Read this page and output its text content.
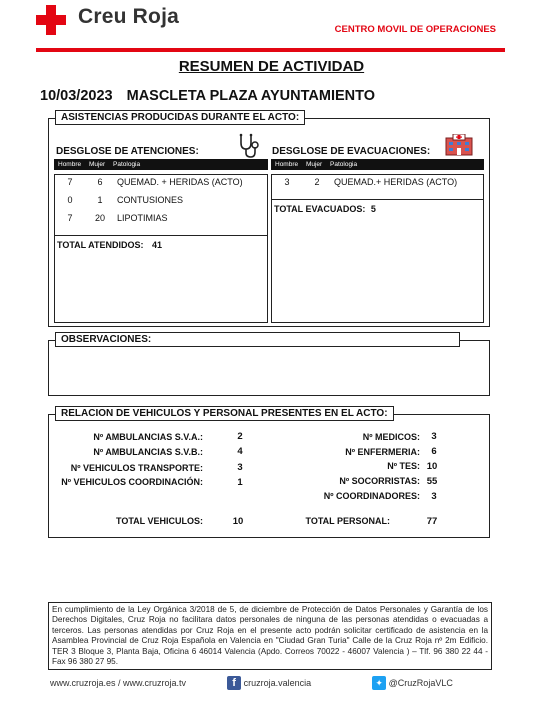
Creu Roja
CENTRO MOVIL DE OPERACIONES
RESUMEN DE ACTIVIDAD
10/03/2023 MASCLETA PLAZA AYUNTAMIENTO
ASISTENCIAS PRODUCIDAS DURANTE EL ACTO:
DESGLOSE DE ATENCIONES:
Hombre Mujer Patologia
7	6	QUEMAD. + HERIDAS (ACTO)
0	1	CONTUSIONES
7	20	LIPOTIMIAS
TOTAL ATENDIDOS: 41
DESGLOSE DE EVACUACIONES:
Hombre Mujer Patologia
3	2	QUEMAD.+ HERIDAS (ACTO)
TOTAL EVACUADOS: 5
OBSERVACIONES:
RELACION DE VEHICULOS Y PERSONAL PRESENTES EN EL ACTO:
Nº AMBULANCIAS S.V.A.:	2
Nº AMBULANCIAS S.V.B.:	4
Nº VEHICULOS TRANSPORTE:	3
Nº VEHICULOS COORDINACIÓN:	1
Nº MEDICOS:	3
Nº ENFERMERIA:	6
Nº TES: 10
Nº SOCORRISTAS: 55
Nº COORDINADORES:	3
TOTAL VEHICULOS:	10	TOTAL PERSONAL:	77
En cumplimiento de la Ley Orgánica 3/2018 de 5, de diciembre de Protección de Datos Personales y Garantía de los Derechos Digitales, Cruz Roja no facilitara datos personales de ninguna de las personas atendidas o evacuadas a terceros. Las personas atendidas por Cruz Roja en el presente acto podrán solicitar certificado de asistencia en la Asamblea Provincial de Cruz Roja Española en Valencia en "Ciudad Gran Turia" Calle de la Cruz Roja nº 2m Edificio. TER 3 Bloque 3, Planta Baja, Oficina 6 46014 Valencia (Apdo. Correos 70022 - 46007 Valencia ) – Tlf. 96 380 22 44 - Fax 96 380 27 95.
www.cruzroja.es / www.cruzroja.tv	f cruzroja.valencia	✦ @CruzRojaVLC
